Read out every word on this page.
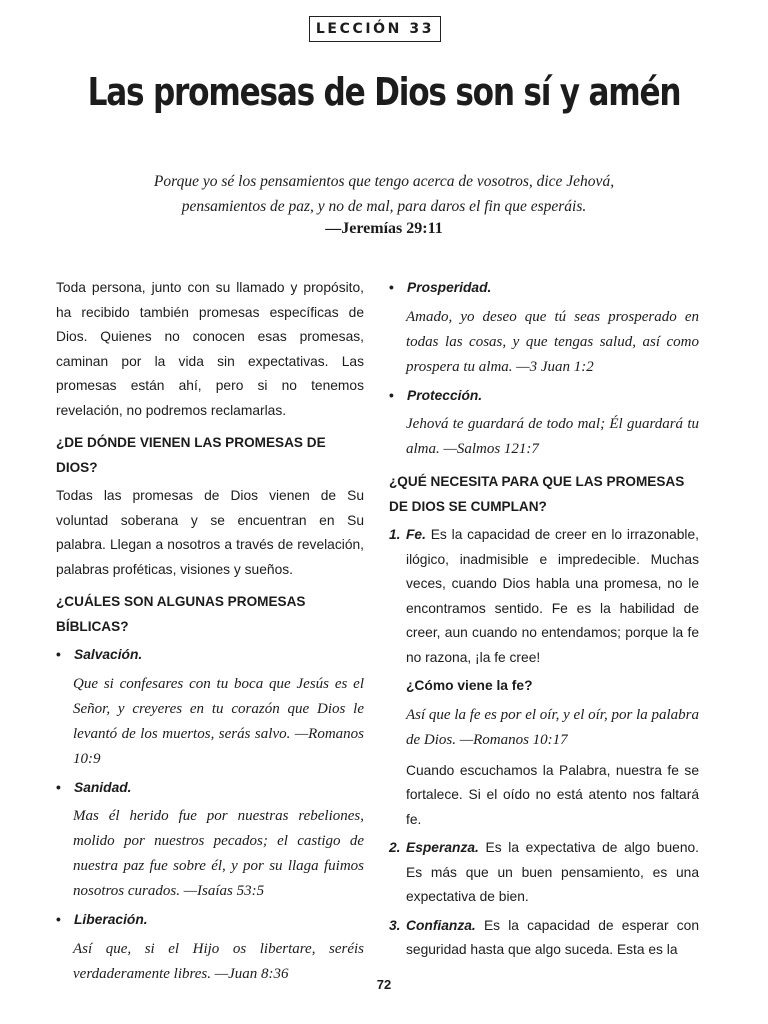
LECCIÓN 33
Las promesas de Dios son sí y amén
Porque yo sé los pensamientos que tengo acerca de vosotros, dice Jehová,
pensamientos de paz, y no de mal, para daros el fin que esperáis.
—Jeremías 29:11

Toda persona, junto con su llamado y propósito, ha recibido también promesas específicas de Dios. Quienes no conocen esas promesas, caminan por la vida sin expectativas. Las promesas están ahí, pero si no tenemos revelación, no podremos reclamarlas.

¿DE DÓNDE VIENEN LAS PROMESAS DE DIOS?

Todas las promesas de Dios vienen de Su voluntad soberana y se encuentran en Su palabra. Llegan a nosotros a través de revelación, palabras proféticas, visiones y sueños.

¿CUÁLES SON ALGUNAS PROMESAS BÍBLICAS?
• Salvación.

Que si confesares con tu boca que Jesús es el Señor, y creyeres en tu corazón que Dios le levantó de los muertos, serás salvo. —Romanos 10:9

• Sanidad.

Mas él herido fue por nuestras rebeliones, molido por nuestros pecados; el castigo de nuestra paz fue sobre él, y por su llaga fuimos nosotros curados. —Isaías 53:5

• Liberación.

Así que, si el Hijo os libertare, seréis verdaderamente libres. —Juan 8:36

• Prosperidad.

Amado, yo deseo que tú seas prosperado en todas las cosas, y que tengas salud, así como prospera tu alma. —3 Juan 1:2

• Protección.

Jehová te guardará de todo mal; Él guardará tu alma. —Salmos 121:7

¿QUÉ NECESITA PARA QUE LAS PROMESAS DE DIOS SE CUMPLAN?
1. Fe. Es la capacidad de creer en lo irrazonable, ilógico, inadmisible e impredecible. Muchas veces, cuando Dios habla una promesa, no le encontramos sentido. Fe es la habilidad de creer, aun cuando no entendamos; porque la fe no razona, ¡la fe cree!
¿Cómo viene la fe?

Así que la fe es por el oír, y el oír, por la palabra de Dios. —Romanos 10:17

Cuando escuchamos la Palabra, nuestra fe se fortalece. Si el oído no está atento nos faltará fe.

2. Esperanza. Es la expectativa de algo bueno. Es más que un buen pensamiento, es una expectativa de bien.
3. Confianza. Es la capacidad de esperar con seguridad hasta que algo suceda. Esta es la
72
